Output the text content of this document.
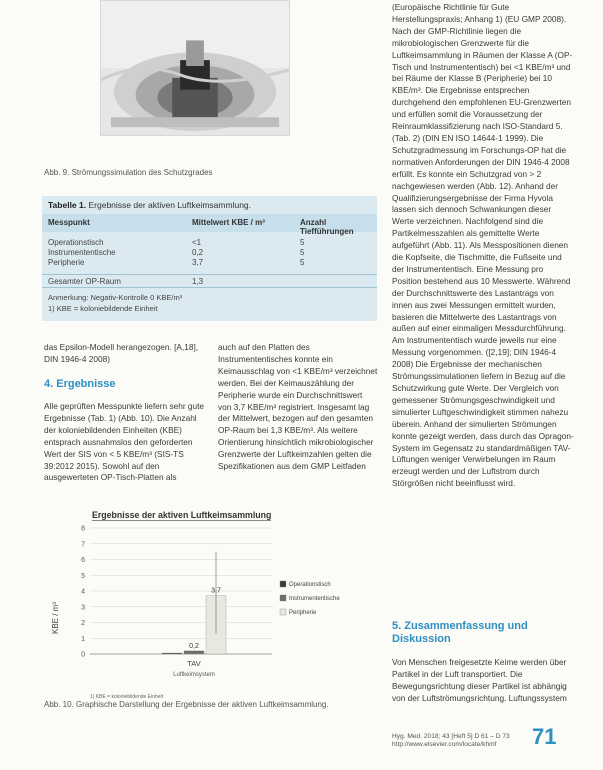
Abb. 9. Strömungssimulation des Schutzgrades
Tabelle 1. Ergebnisse der aktiven Luftkeimsammlung.
Messpunkt	Mittelwert KBE / m³	Anzahl Tiefführungen
Operationstisch	<1	5
Instrumententische	0,2	5
Peripherie	3,7	5
Gesamter OP-Raum	1,3
Anmerkung: Negativ-Kontrolle 0 KBE/m³
1) KBE = koloniebildende Einheit
das Epsilon-Modell herangezogen. [A,18], DIN 1946-4 2008)
4. Ergebnisse
Alle geprüften Messpunkte liefern sehr gute Ergebnisse (Tab. 1) (Abb. 10). Die Anzahl der koloniebildenden Einheiten (KBE) entsprach ausnahmslos den geforderten Wert der SIS von < 5 KBE/m³ (SIS-TS 39:2012 2015). Sowohl auf den ausgewerteten OP-Tisch-Platten als
auch auf den Platten des Instrumententisches konnte ein Keimausschlag von <1 KBE/m³ verzeichnet werden. Bei der Keimauszählung der Peripherie wurde ein Durchschnittswert von 3,7 KBE/m³ registriert. Insgesamt lag der Mittelwert, bezogen auf den gesamten OP-Raum bei 1,3 KBE/m³. Als weitere Orientierung hinsichtlich mikrobiologischer Grenzwerte der Luftkeimzahlen gelten die Spezifikationen aus dem GMP Leitfaden
(Europäische Richtlinie für Gute Herstellungspraxis; Anhang 1) (EU GMP 2008). Nach der GMP-Richtlinie liegen die mikrobiologischen Grenzwerte für die Luftkeimsammlung in Räumen der Klasse A (OP-Tisch und Instrumententisch) bei <1 KBE/m³ und bei Räume der Klasse B (Peripherie) bei 10 KBE/m³. Die Ergebnisse entsprechen durchgehend den empfohlenen EU-Grenzwerten und erfüllen somit die Voraussetzung der Reinraumklassifizierung nach ISO-Standard 5. (Tab. 2) (DIN EN ISO 14644-1 1999). Die Schutzgradmessung im Forschungs-OP hat die normativen Anforderungen der DIN 1946-4 2008 erfüllt. Es konnte ein Schutzgrad von > 2 nachgewiesen werden (Abb. 12). Anhand der Qualifizierungsergebnisse der Firma Hyvola lassen sich dennoch Schwankungen dieser Werte verzeichnen. Nachfolgend sind die Partikelmesszahlen als gemittelte Werte aufgeführt (Abb. 11). Als Messpositionen dienen die Kopfseite, die Tischmitte, die Fußseite und der Instrumententisch. Eine Messung pro Position bestehend aus 10 Messwerte. Während der Durchschnittswerte des Lastantrags von innen aus zwei Messungen ermittelt wurden, basieren die Mittelwerte des Lastantrags von außen auf einer einmaligen Messdurchführung. Am Instrumententisch wurde jeweils nur eine Messung vorgenommen. ([2,19]; DIN 1946-4 2008) Die Ergebnisse der mechanischen Strömungssimulationen liefern in Bezug auf die Schutzwirkung gute Werte. Der Vergleich von gemessener Strömungsgeschwindigkeit und simulierter Luftgeschwindigkeit stimmen nahezu überein. Anhand der simulierten Strömungen konnte gezeigt werden, dass durch das Opragon-System im Gegensatz zu standardmäßigen TAV-Lüftungen weniger Verwirbelungen im Raum erzeugt werden und der Luftstrom durch Störgrößen nicht beeinflusst wird.
5. Zusammenfassung und Diskussion
Von Menschen freigesetzte Keime werden über Partikel in der Luft transportiert. Die Bewegungsrichtung dieser Partikel ist abhängig von der Luftströmungsrichtung. Luftungssystem
Ergebnisse der aktiven Luftkeimsammlung
0
1
2
3
4
5
6
7
8
0,2
3,7
Operationstisch
Instrumententische
Peripherie
KBE / m³
TAV
Luftkeimsystem
1) KBE = koloniebildende Einheit
Abb. 10. Graphische Darstellung der Ergebnisse der aktiven Luftkeimsammlung.
Hyg. Med. 2018; 43 [Heft 5] D 61 – D 73
http://www.elsevier.com/locate/khmf	71
